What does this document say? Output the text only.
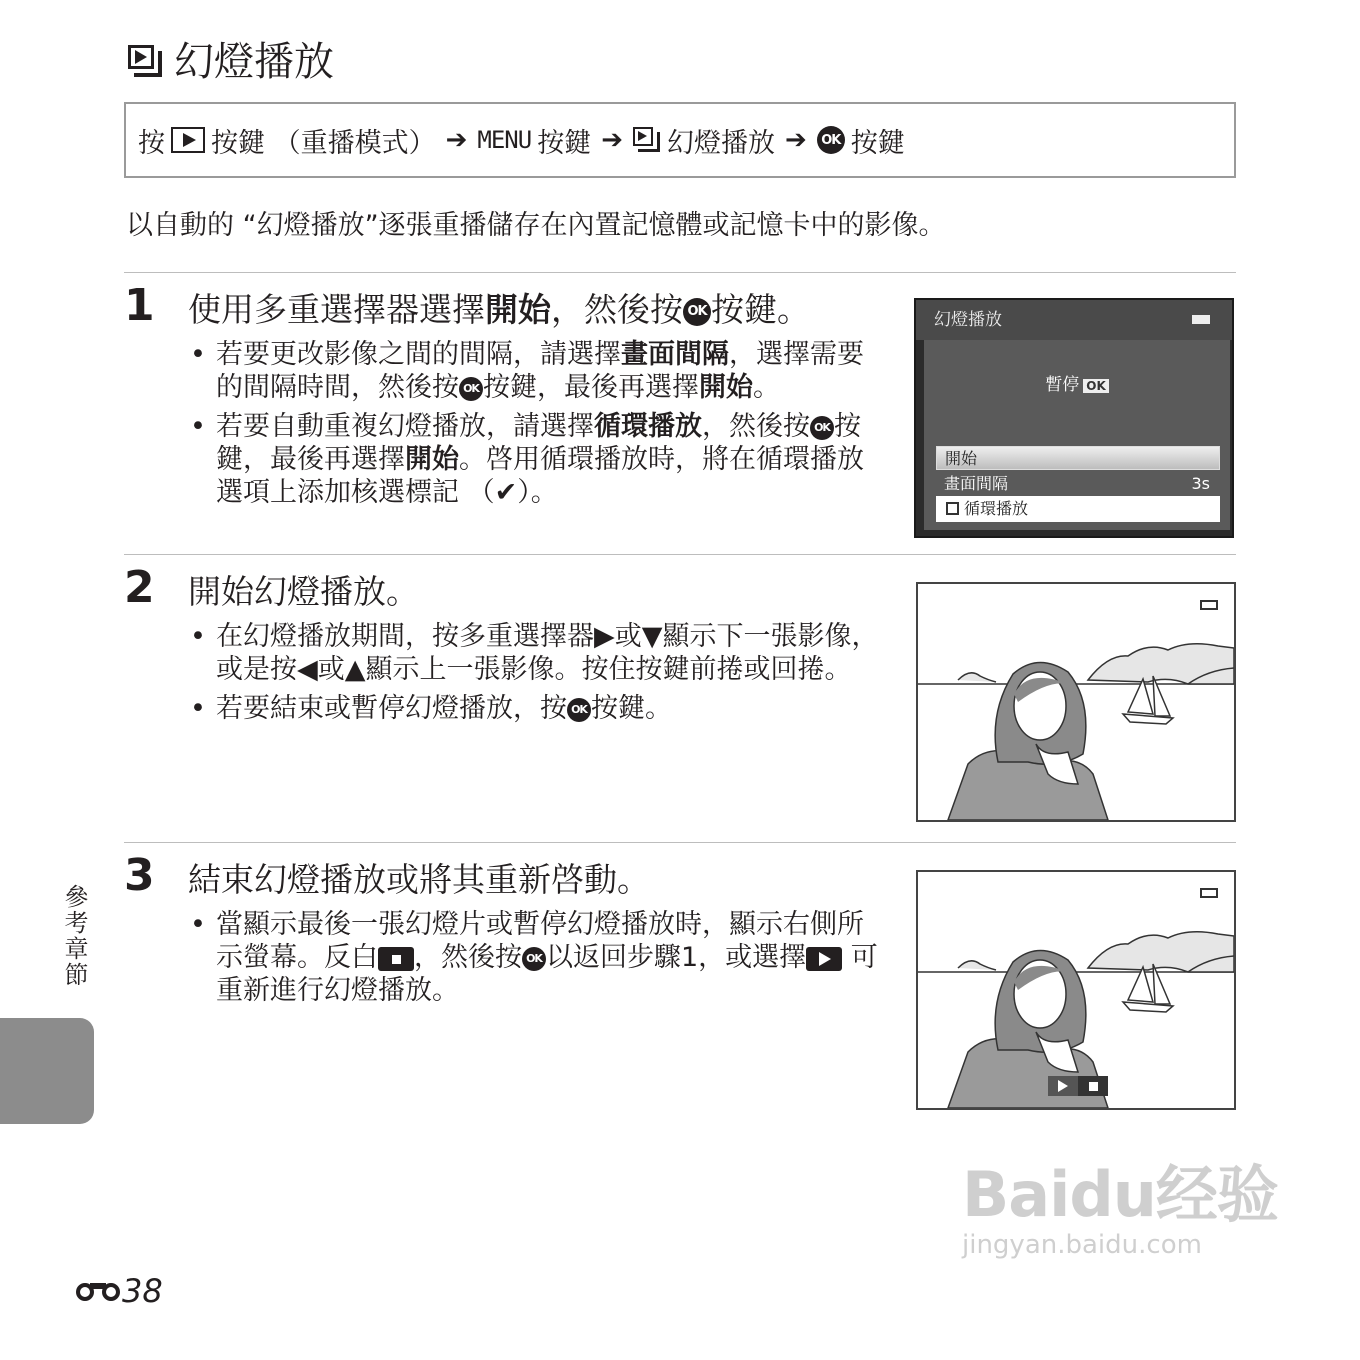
幻燈播放
按 按鍵 （重播模式） ➔ MENU 按鍵 ➔ 幻燈播放 ➔	OK 按鍵
以自動的 “幻燈播放”逐張重播儲存在內置記憶體或記憶卡中的影像。
1 使用多重選擇器選擇開始，然後按 OK 按鍵。
• 若要更改影像之間的間隔，請選擇畫面間隔，選擇需要的間隔時間，然後按 OK 按鍵，最後再選擇開始。
• 若要自動重複幻燈播放，請選擇循環播放，然後按 OK 按鍵，最後再選擇開始。啓用循環播放時，將在循環播放選項上添加核選標記 （✔）。
幻燈播放
暫停 OK
開始
畫面間隔	3s
循環播放
2 開始幻燈播放。
• 在幻燈播放期間，按多重選擇器▶或▼顯示下一張影像，或是按◀或▲顯示上一張影像。按住按鍵前捲或回捲。
• 若要結束或暫停幻燈播放，按 OK 按鍵。
3 結束幻燈播放或將其重新啓動。
• 當顯示最後一張幻燈片或暫停幻燈播放時，顯示右側所示螢幕。反白 ，然後按 OK 以返回步驟1，或選擇 可重新進行幻燈播放。
參考章節
38
Baidu经验
jingyan.baidu.com
